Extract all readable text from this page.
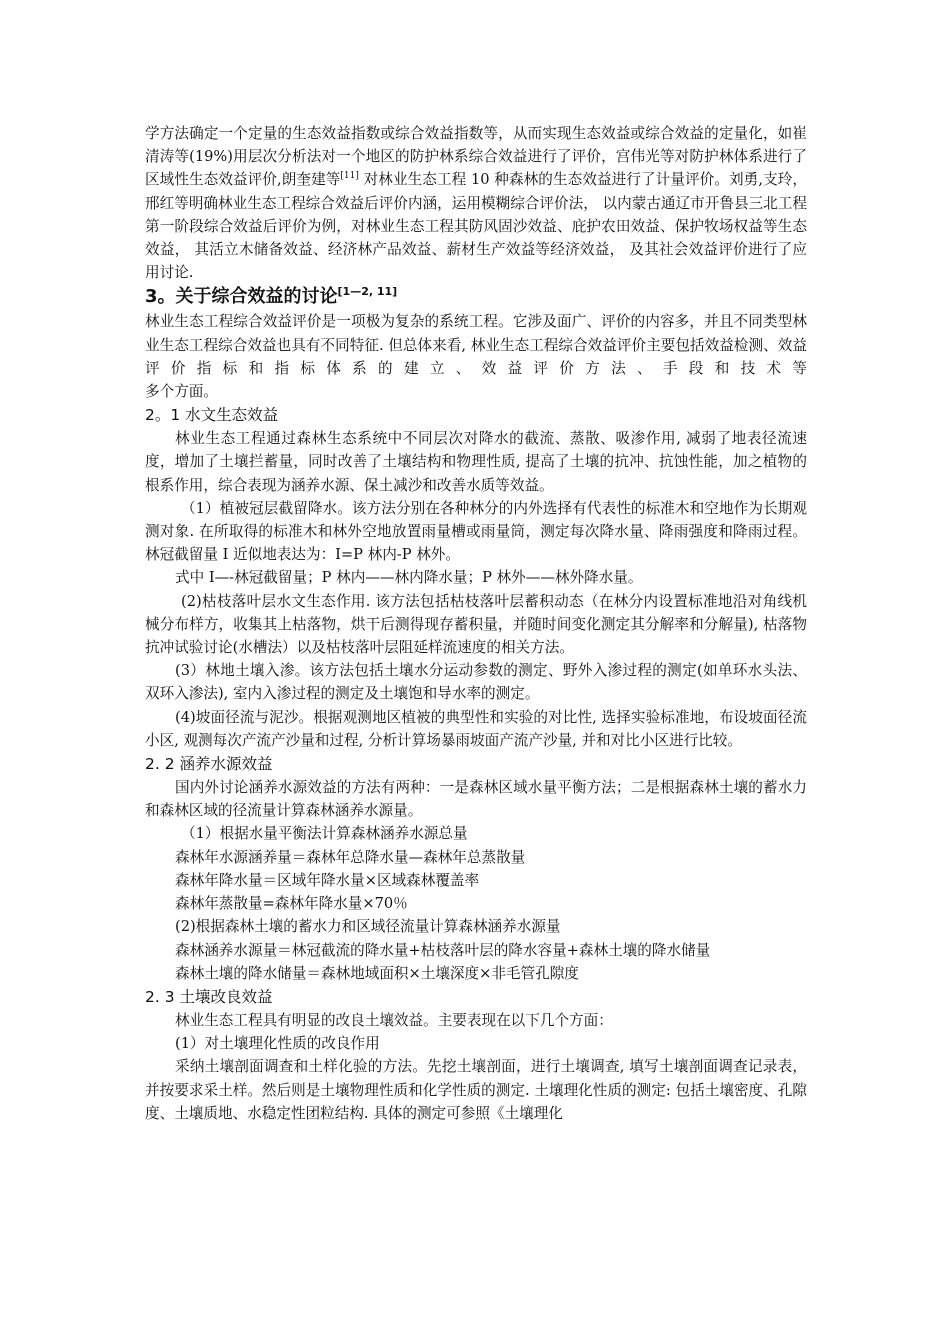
学方法确定一个定量的生态效益指数或综合效益指数等，从而实现生态效益或综合效益的定量化，如崔清涛等(19%)用层次分析法对一个地区的防护林系综合效益进行了评价，宫伟光等对防护林体系进行了区域性生态效益评价,朗奎建等[11] 对林业生态工程 10 种森林的生态效益进行了计量评价。刘勇,支玲，邢红等明确林业生态工程综合效益后评价内涵，运用模糊综合评价法， 以内蒙古通辽市开鲁县三北工程第一阶段综合效益后评价为例，对林业生态工程其防风固沙效益、庇护农田效益、保护牧场权益等生态效益， 其活立木储备效益、经济林产品效益、薪材生产效益等经济效益， 及其社会效益评价进行了应用讨论.

3。关于综合效益的讨论[1—2, 11]

林业生态工程综合效益评价是一项极为复杂的系统工程。它涉及面广、评价的内容多，并且不同类型林业生态工程综合效益也具有不同特征. 但总体来看, 林业生态工程综合效益评价主要包括效益检测、效益评价指标和指标体系的建立、效益评价方法、手段和技术等

多个方面。

2。1 水文生态效益

林业生态工程通过森林生态系统中不同层次对降水的截流、蒸散、吸渗作用, 减弱了地表径流速度，增加了土壤拦蓄量，同时改善了土壤结构和物理性质, 提高了土壤的抗冲、抗蚀性能，加之植物的根系作用，综合表现为涵养水源、保土减沙和改善水质等效益。

（1）植被冠层截留降水。该方法分别在各种林分的内外选择有代表性的标准木和空地作为长期观测对象. 在所取得的标准木和林外空地放置雨量槽或雨量筒，测定每次降水量、降雨强度和降雨过程。林冠截留量 I 近似地表达为：I=P 林内-P 林外。

式中 I—-林冠截留量；P 林内——林内降水量；P 林外——林外降水量。

(2)枯枝落叶层水文生态作用. 该方法包括枯枝落叶层蓄积动态（在林分内设置标准地沿对角线机械分布样方，收集其上枯落物，烘干后测得现存蓄积量，并随时间变化测定其分解率和分解量), 枯落物抗冲试验讨论(水槽法）以及枯枝落叶层阻延样流速度的相关方法。

(3）林地土壤入渗。该方法包括土壤水分运动参数的测定、野外入渗过程的测定(如单环水头法、双环入渗法), 室内入渗过程的测定及土壤饱和导水率的测定。

(4)坡面径流与泥沙。根据观测地区植被的典型性和实验的对比性, 选择实验标准地，布设坡面径流小区, 观测每次产流产沙量和过程, 分析计算场暴雨坡面产流产沙量, 并和对比小区进行比较。

2. 2 涵养水源效益

国内外讨论涵养水源效益的方法有两种：一是森林区域水量平衡方法；二是根据森林土壤的蓄水力和森林区域的径流量计算森林涵养水源量。

（1）根据水量平衡法计算森林涵养水源总量

森林年水源涵养量＝森林年总降水量—森林年总蒸散量

森林年降水量＝区域年降水量×区域森林覆盖率

森林年蒸散量=森林年降水量×70％

(2)根据森林土壤的蓄水力和区域径流量计算森林涵养水源量

森林涵养水源量＝林冠截流的降水量+枯枝落叶层的降水容量+森林土壤的降水储量

森林土壤的降水储量＝森林地域面积×土壤深度×非毛管孔隙度

2. 3 土壤改良效益

林业生态工程具有明显的改良土壤效益。主要表现在以下几个方面：

(1）对土壤理化性质的改良作用

采纳土壤剖面调查和土样化验的方法。先挖土壤剖面，进行土壤调查, 填写土壤剖面调查记录表，并按要求采土样。然后则是土壤物理性质和化学性质的测定. 土壤理化性质的测定: 包括土壤密度、孔隙度、土壤质地、水稳定性团粒结构. 具体的测定可参照《土壤理化
